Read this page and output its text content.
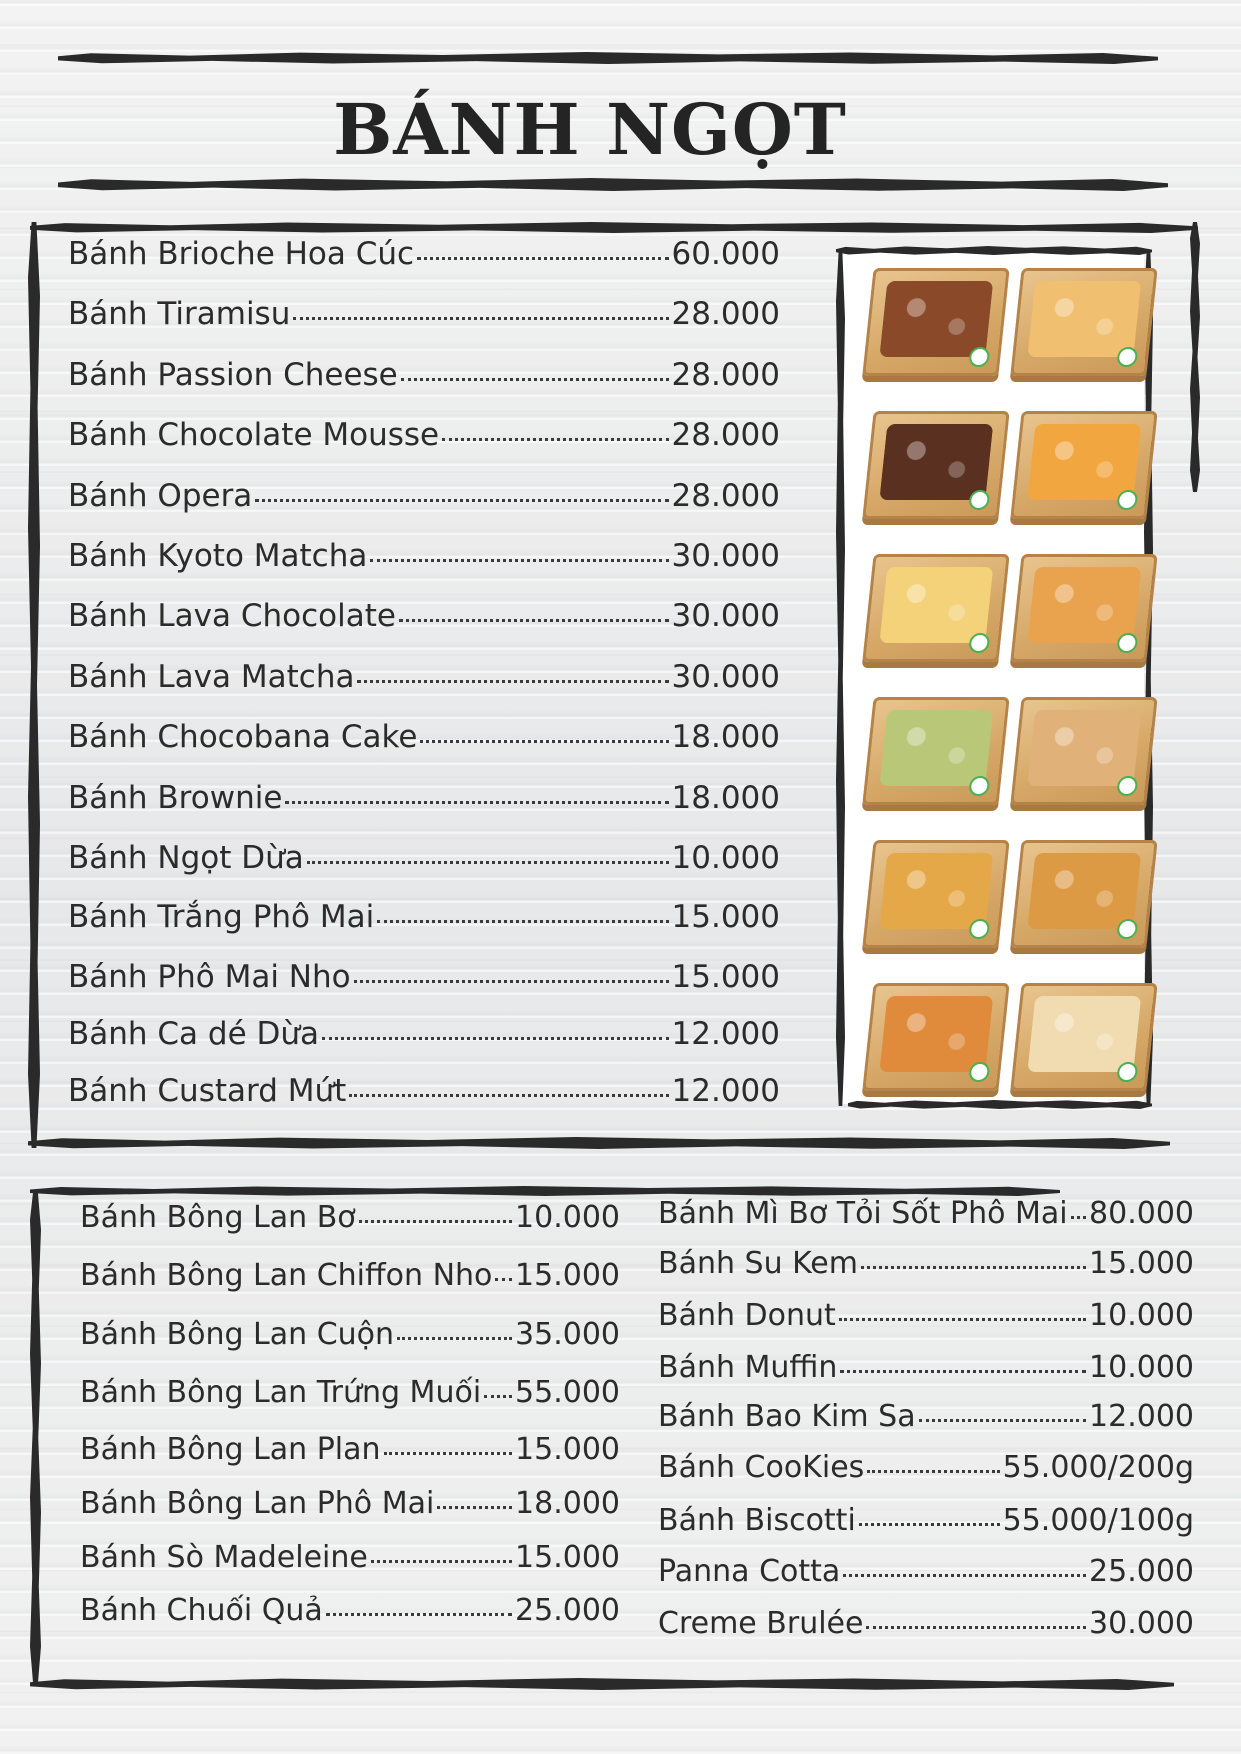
BÁNH NGỌT
Bánh Brioche Hoa Cúc	60.000
Bánh Tiramisu	28.000
Bánh Passion Cheese	28.000
Bánh Chocolate Mousse	28.000
Bánh Opera	28.000
Bánh Kyoto Matcha	30.000
Bánh Lava Chocolate	30.000
Bánh Lava Matcha	30.000
Bánh Chocobana Cake	18.000
Bánh Brownie	18.000
Bánh Ngọt Dừa	10.000
Bánh Trắng Phô Mai	15.000
Bánh Phô Mai Nho	15.000
Bánh Ca dé Dừa	12.000
Bánh Custard Mứt	12.000
Bánh Bông Lan Bơ	10.000
Bánh Bông Lan Chiffon Nho 15.000
Bánh Bông Lan Cuộn	35.000
Bánh Bông Lan Trứng Muối 55.000
Bánh Bông Lan Plan	15.000
Bánh Bông Lan Phô Mai	18.000
Bánh Sò Madeleine	15.000
Bánh Chuối Quả	25.000
Bánh Mì Bơ Tỏi Sốt Phô Mai 80.000
Bánh Su Kem	15.000
Bánh Donut	10.000
Bánh Muffin	10.000
Bánh Bao Kim Sa	12.000
Bánh CooKies	55.000/200g
Bánh Biscotti	55.000/100g
Panna Cotta	25.000
Creme Brulée	30.000
